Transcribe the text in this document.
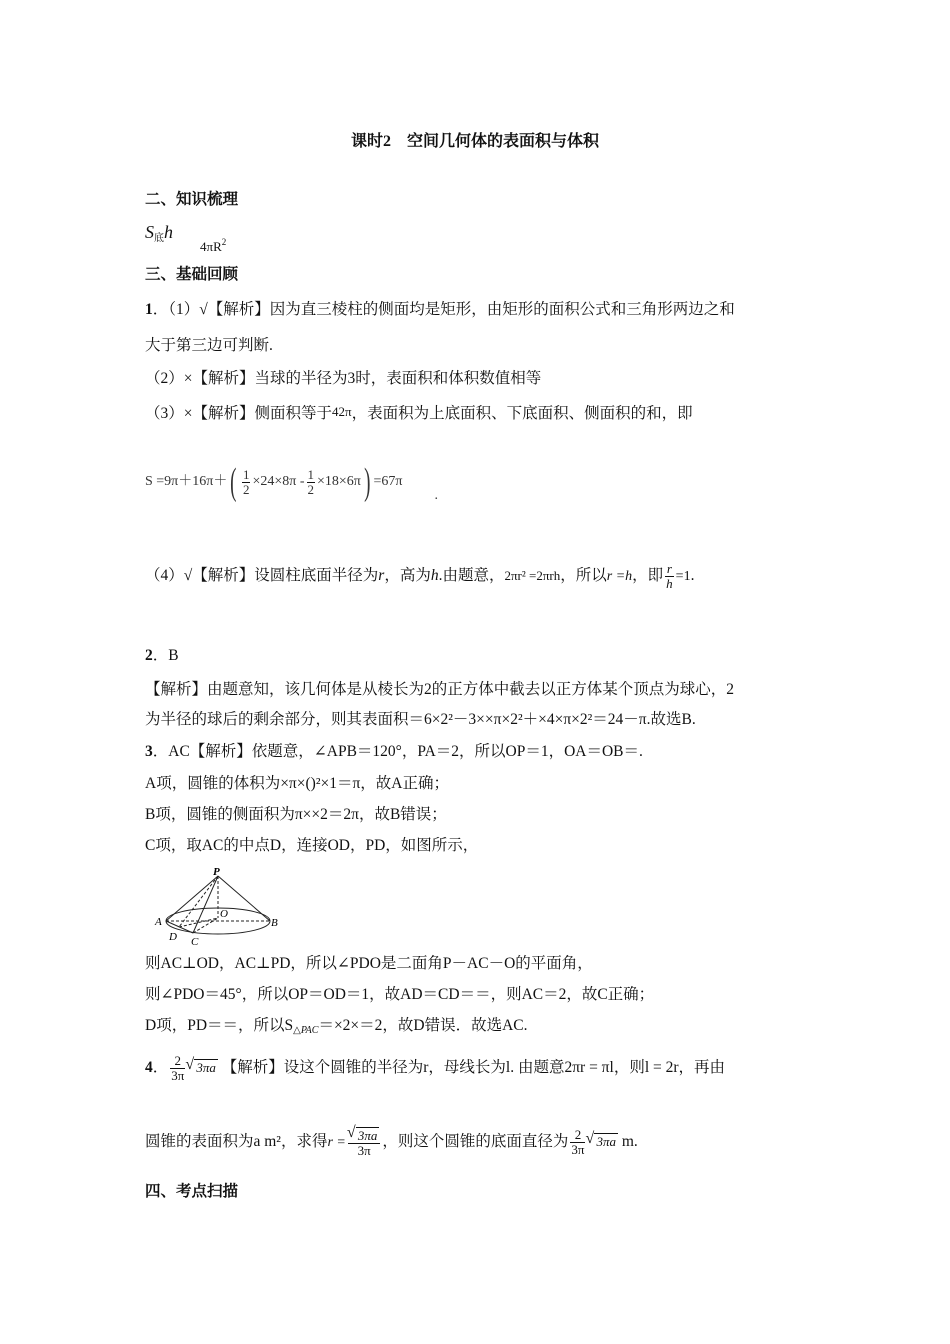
课时2　空间几何体的表面积与体积
二、知识梳理
$S_底h$
$4\pi R^2$
三、基础回顾
1．（1）√【解析】因为直三棱柱的侧面均是矩形，由矩形的面积公式和三角形两边之和
大于第三边可判断.
（2）×【解析】当球的半径为3时，表面积和体积数值相等
（3）×【解析】侧面积等于42π，表面积为上底面积、下底面积、侧面积的和，即
$S =9\pi+16\pi+( \frac{1}{2} \times 24\times 8\pi - \frac{1}{2} \times 18\times 6\pi) =67\pi$.
（4）√【解析】设圆柱底面半径为r，高为h.由题意，2πr² =2πrh，所以r =h，即 $\frac{r}{h} =1$.
2．B
【解析】由题意知，该几何体是从棱长为2的正方体中截去以正方体某个顶点为球心，2
为半径的球后的剩余部分，则其表面积＝6×2²－3××π×2²＋×4×π×2²＝24－π.故选B.
3．AC【解析】依题意，∠APB＝120°，PA＝2，所以OP＝1，OA＝OB＝.
A项，圆锥的体积为×π×()²×1＝π，故A正确；
B项，圆锥的侧面积为π××2＝2π，故B错误；
C项，取AC的中点D，连接OD，PD，如图所示，
P
A	B
O
C
D
则AC⊥OD，AC⊥PD，所以∠PDO是二面角P－AC－O的平面角，
则∠PDO＝45°，所以OP＝OD＝1，故AD＝CD＝＝，则AC＝2，故C正确；
D项，PD＝＝，所以$S_{\triangle PAC}=\times 2\times=2$，故D错误．故选AC.
4． $\frac{2}{3\pi}$ √ 3πa 【解析】设这个圆锥的半径为r，母线长为l. 由题意2πr = πl，则l = 2r，再由
圆锥的表面积为a m²，求得r = √ $\frac{3\pi a}{3\pi}$ ，则这个圆锥的底面直径为 $\frac{2}{3\pi}$ √ 3πa m.
四、考点扫描
